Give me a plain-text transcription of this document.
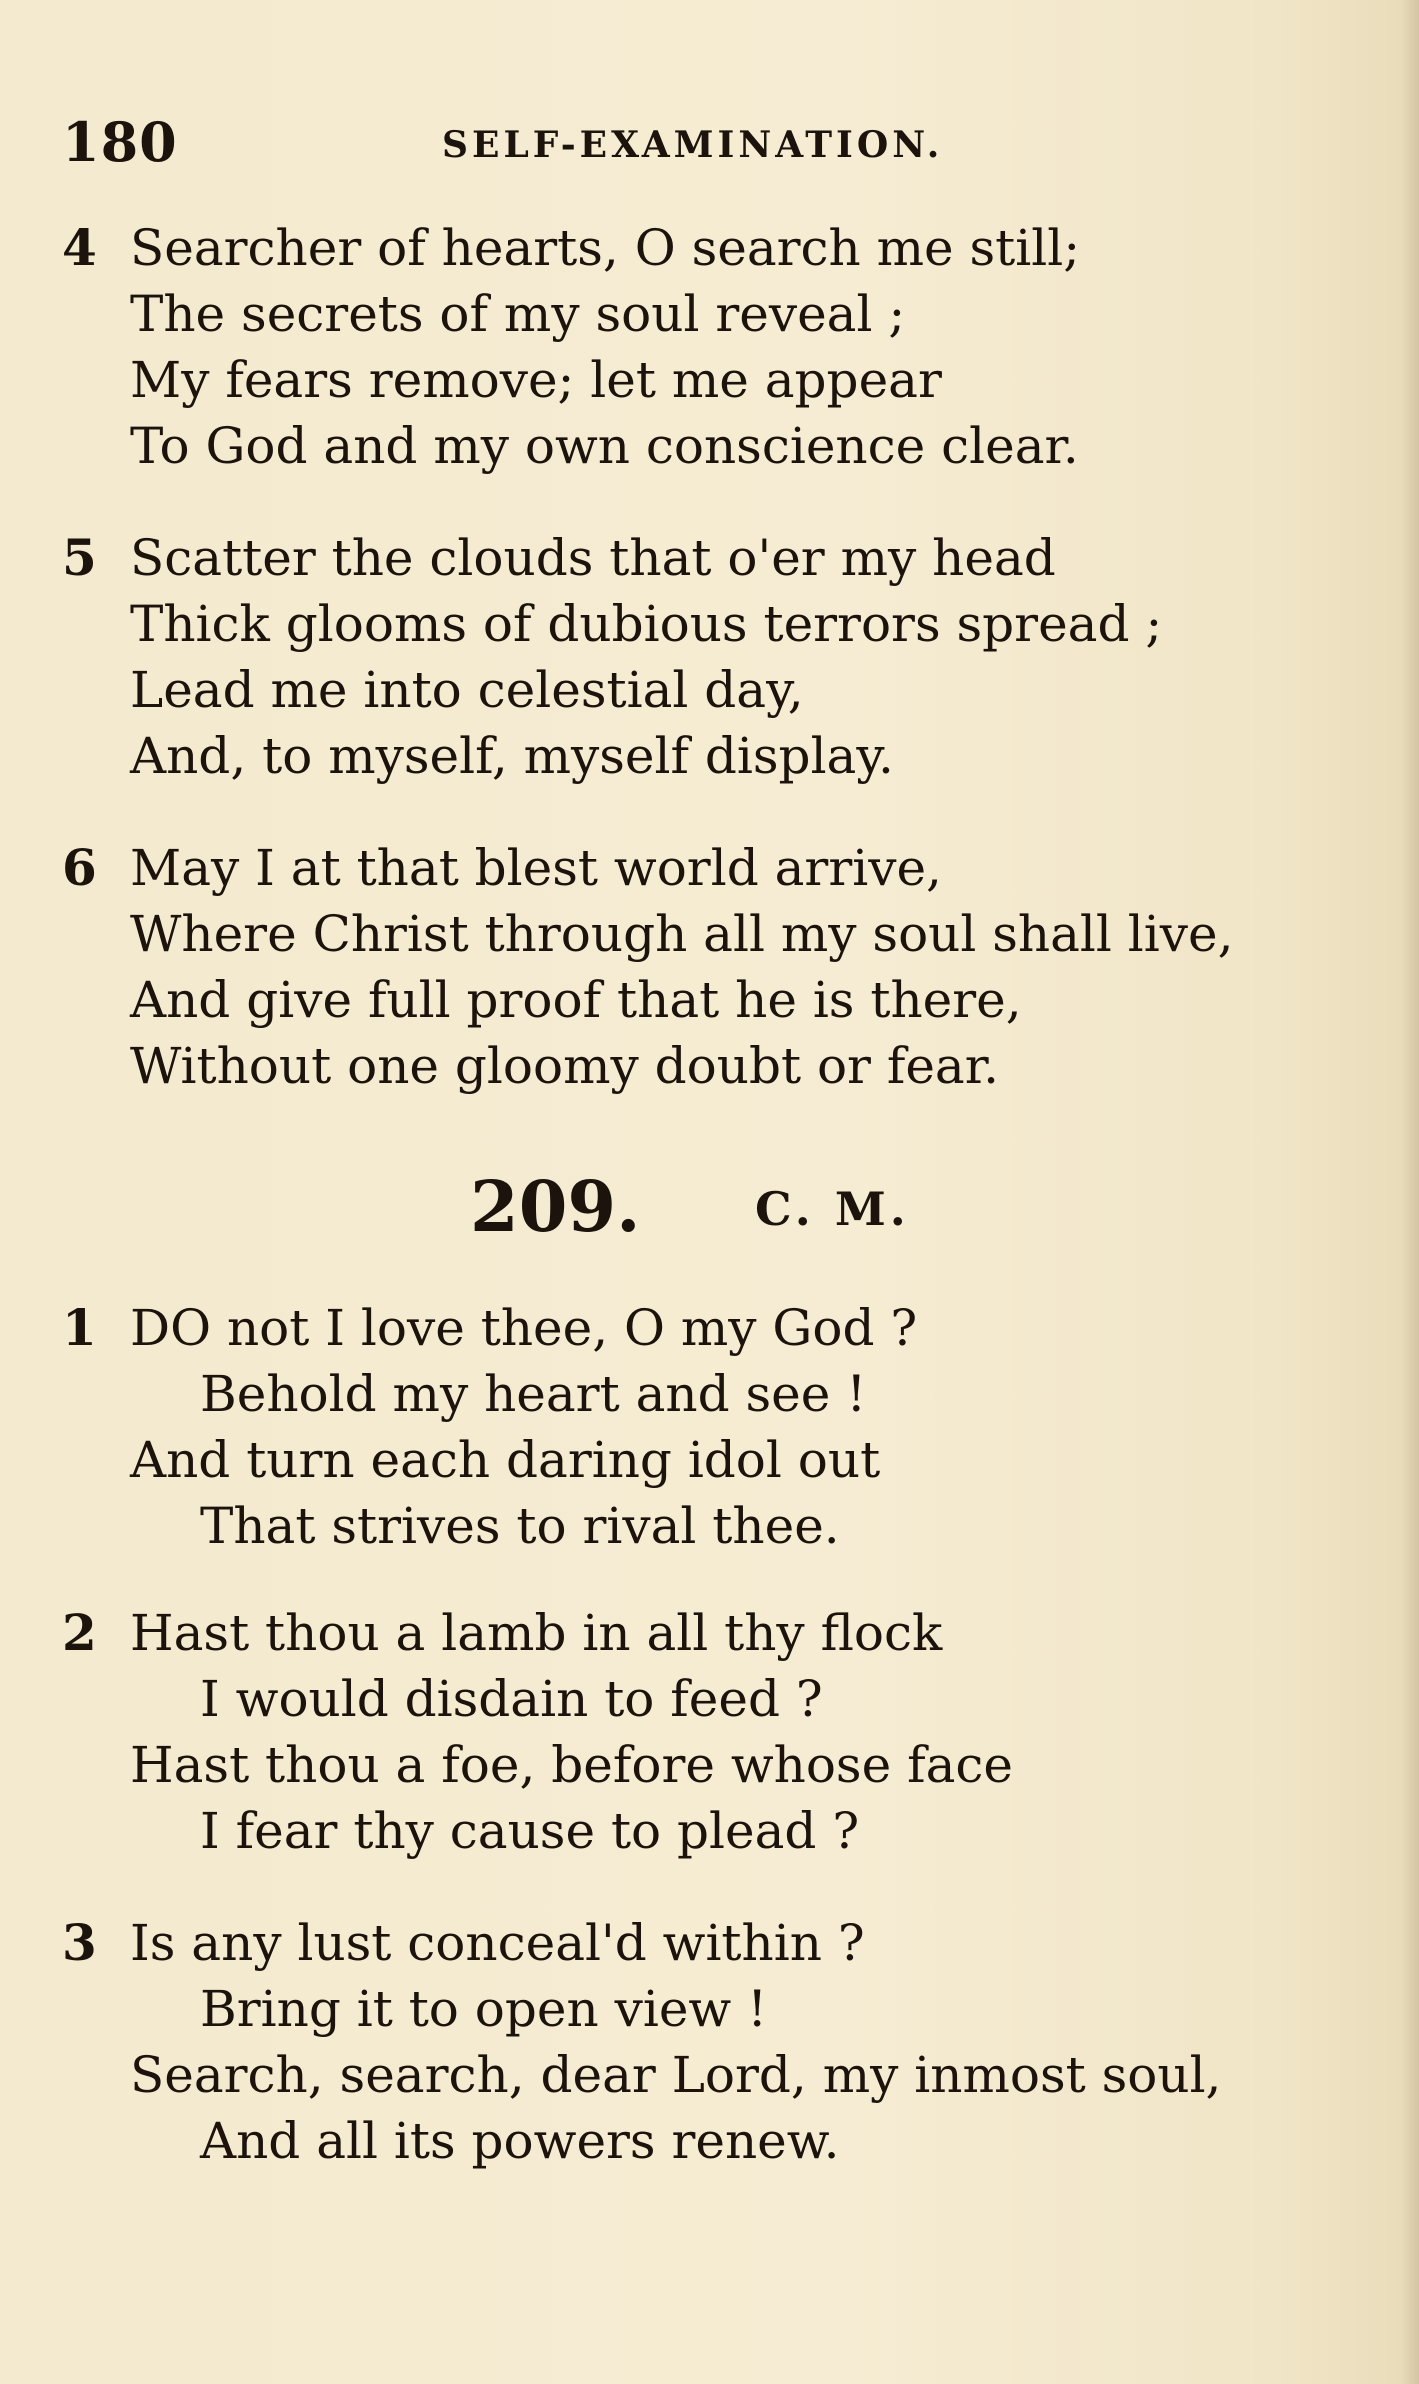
180	SELF-EXAMINATION.
4 Searcher of hearts, O search me still;
The secrets of my soul reveal ;
My fears remove; let me appear
To God and my own conscience clear.
5 Scatter the clouds that o'er my head
Thick glooms of dubious terrors spread ;
Lead me into celestial day,
And, to myself, myself display.
6 May I at that blest world arrive,
Where Christ through all my soul shall live,
And give full proof that he is there,
Without one gloomy doubt or fear.
209. C. M.
1 DO not I love thee, O my God ?
Behold my heart and see !
And turn each daring idol out
That strives to rival thee.
2 Hast thou a lamb in all thy flock
I would disdain to feed ?
Hast thou a foe, before whose face
I fear thy cause to plead ?
3 Is any lust conceal'd within ?
Bring it to open view !
Search, search, dear Lord, my inmost soul,
And all its powers renew.
